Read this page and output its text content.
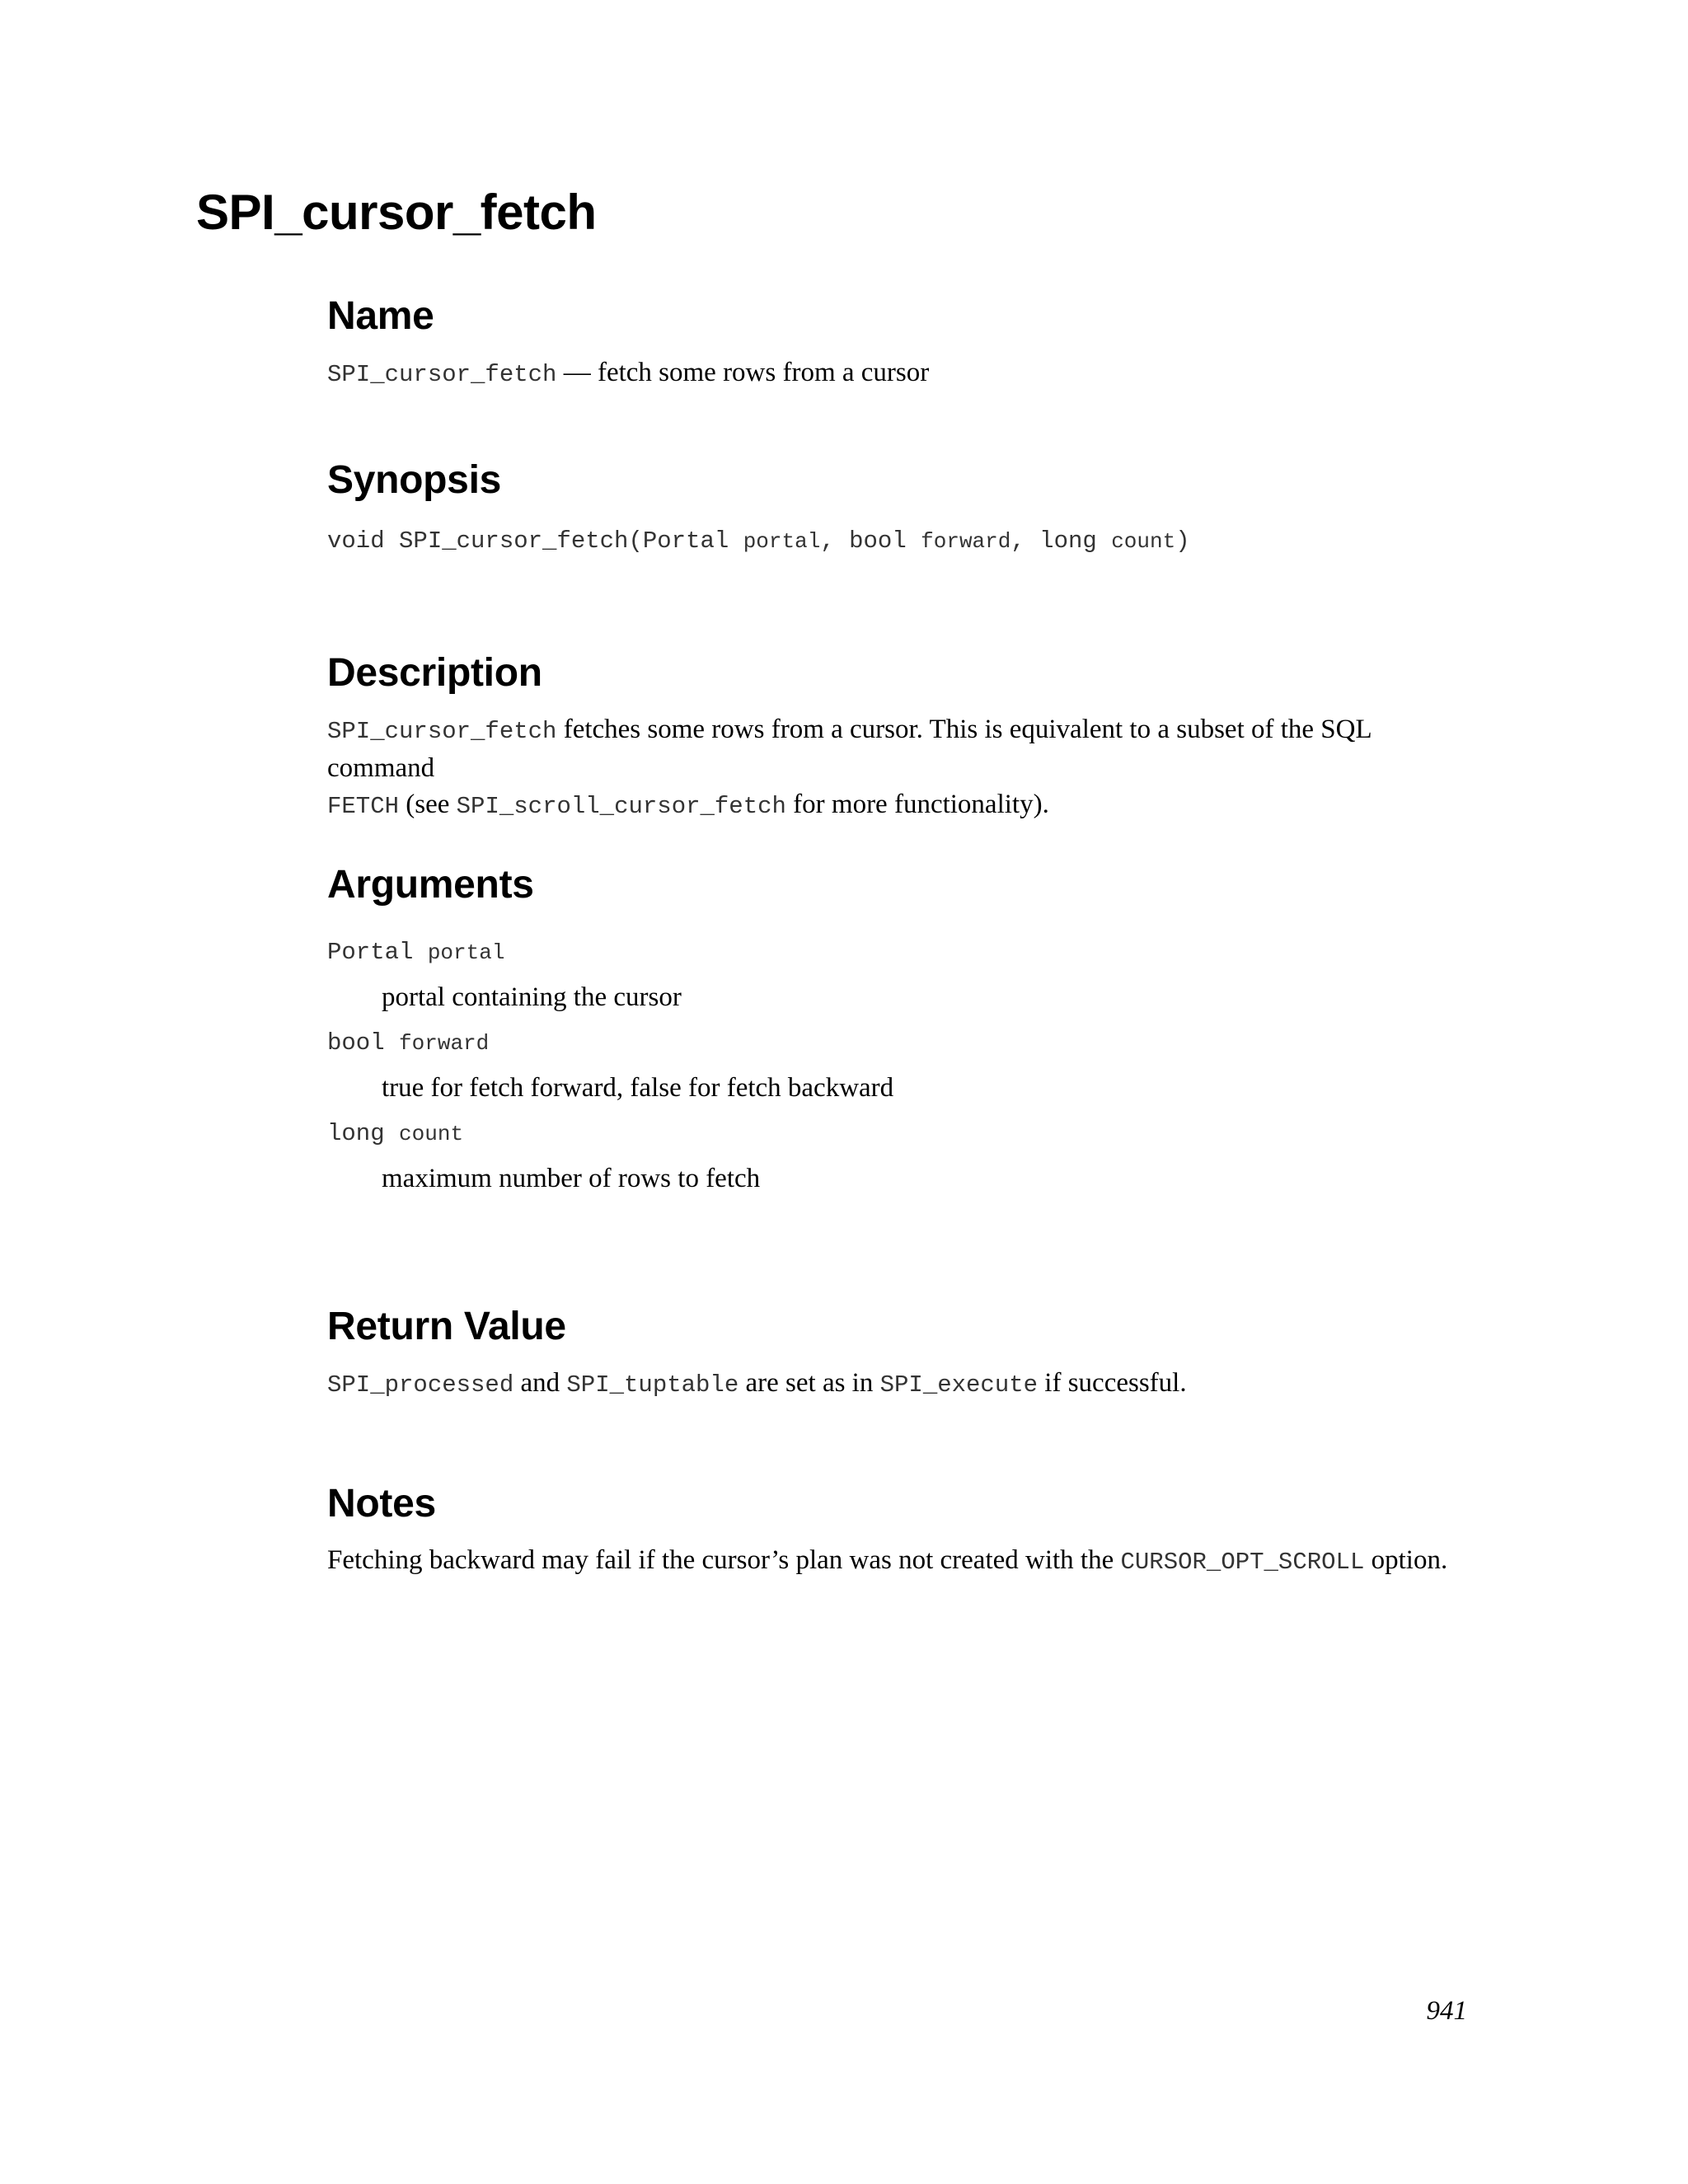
SPI_cursor_fetch
Name

SPI_cursor_fetch — fetch some rows from a cursor

Synopsis

void SPI_cursor_fetch(Portal portal, bool forward, long count)

Description

SPI_cursor_fetch fetches some rows from a cursor. This is equivalent to a subset of the SQL command
FETCH (see SPI_scroll_cursor_fetch for more functionality).

Arguments

Portal portal

portal containing the cursor

bool forward

true for fetch forward, false for fetch backward

long count

maximum number of rows to fetch

Return Value

SPI_processed and SPI_tuptable are set as in SPI_execute if successful.

Notes

Fetching backward may fail if the cursor’s plan was not created with the CURSOR_OPT_SCROLL option.

941
